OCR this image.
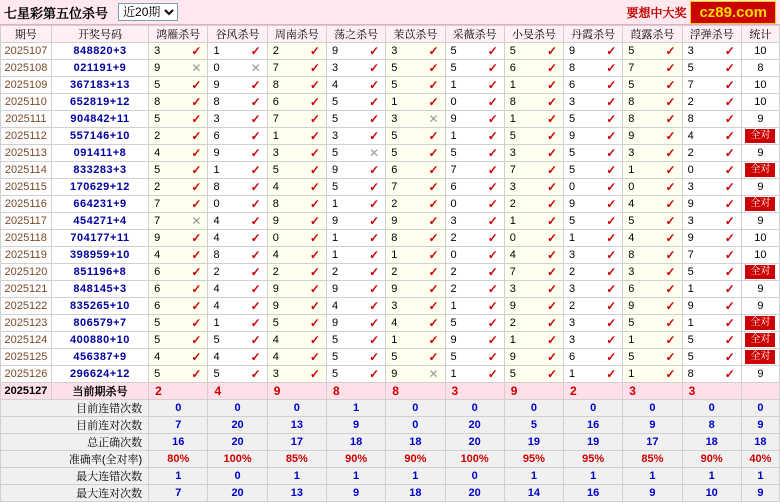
七星彩第五位杀号
近20期	要想中大奖 cz89.com
期号	开奖号码	鸿雁杀号	谷风杀号	周南杀号	荡之杀号	茉苡杀号	采薇杀号	小旻杀号	丹霞杀号	葭露杀号	浮弹杀号	统计
2025107	848820+3	3 ✓	1 ✓	2 ✓	9 ✓	3 ✓	5 ✓	5 ✓	9 ✓	5 ✓	3 ✓	10
2025108	021191+9	9 ✕	0 ✕	7 ✓	3 ✓	5 ✓	5 ✓	6 ✓	8 ✓	7 ✓	5 ✓	8
2025109	367183+13	5 ✓	9 ✓	8 ✓	4 ✓	5 ✓	1 ✓	1 ✓	6 ✓	5 ✓	7 ✓	10
2025110	652819+12	8 ✓	8 ✓	6 ✓	5 ✓	1 ✓	0 ✓	8 ✓	3 ✓	8 ✓	2 ✓	10
2025111	904842+11	5 ✓	3 ✓	7 ✓	5 ✓	3 ✕	9 ✓	1 ✓	5 ✓	8 ✓	8 ✓	9
2025112	557146+10	2 ✓	6 ✓	1 ✓	3 ✓	5 ✓	1 ✓	5 ✓	9 ✓	9 ✓	4 ✓	全对
2025113	091411+8	4 ✓	9 ✓	3 ✓	5 ✕	5 ✓	5 ✓	3 ✓	5 ✓	3 ✓	2 ✓	9
2025114	833283+3	5 ✓	1 ✓	5 ✓	9 ✓	6 ✓	7 ✓	7 ✓	5 ✓	1 ✓	0 ✓	全对
2025115	170629+12	2 ✓	8 ✓	4 ✓	5 ✓	7 ✓	6 ✓	3 ✓	0 ✓	0 ✓	3 ✓	9
2025116	664231+9	7 ✓	0 ✓	8 ✓	1 ✓	2 ✓	0 ✓	2 ✓	9 ✓	4 ✓	9 ✓	全对
2025117	454271+4	7 ✕	4 ✓	9 ✓	9 ✓	9 ✓	3 ✓	1 ✓	5 ✓	5 ✓	3 ✓	9
2025118	704177+11	9 ✓	4 ✓	0 ✓	1 ✓	8 ✓	2 ✓	0 ✓	1 ✓	4 ✓	9 ✓	10
2025119	398959+10	4 ✓	8 ✓	4 ✓	1 ✓	1 ✓	0 ✓	4 ✓	3 ✓	8 ✓	7 ✓	10
2025120	851196+8	6 ✓	2 ✓	2 ✓	2 ✓	2 ✓	2 ✓	7 ✓	2 ✓	3 ✓	5 ✓	全对
2025121	848145+3	6 ✓	4 ✓	9 ✓	9 ✓	9 ✓	2 ✓	3 ✓	3 ✓	6 ✓	1 ✓	9
2025122	835265+10	6 ✓	4 ✓	9 ✓	4 ✓	3 ✓	1 ✓	9 ✓	2 ✓	9 ✓	9 ✓	9
2025123	806579+7	5 ✓	1 ✓	5 ✓	9 ✓	4 ✓	5 ✓	2 ✓	3 ✓	5 ✓	1 ✓	全对
2025124	400880+10	5 ✓	5 ✓	4 ✓	5 ✓	1 ✓	9 ✓	1 ✓	3 ✓	1 ✓	5 ✓	全对
2025125	456387+9	4 ✓	4 ✓	4 ✓	5 ✓	5 ✓	5 ✓	9 ✓	6 ✓	5 ✓	5 ✓	全对
2025126	296624+12	5 ✓	5 ✓	3 ✓	5 ✓	9 ✕	1 ✓	5 ✓	1 ✓	1 ✓	8 ✓	9
2025127	当前期杀号	2	4	9	8	8	3	9	2	3	3	
目前连错次数		0	0	0	1	0	0	0	0	0	0	0
目前连对次数		7	20	13	9	0	20	5	16	9	8	9
总正确次数		16	20	17	18	18	20	19	19	17	18	18
准确率(全对率)		80%	100%	85%	90%	90%	100%	95%	95%	85%	90%	40%
最大连错次数		1	0	1	1	1	0	1	1	1	1	1
最大连对次数		7	20	13	9	18	20	14	16	9	10	9
